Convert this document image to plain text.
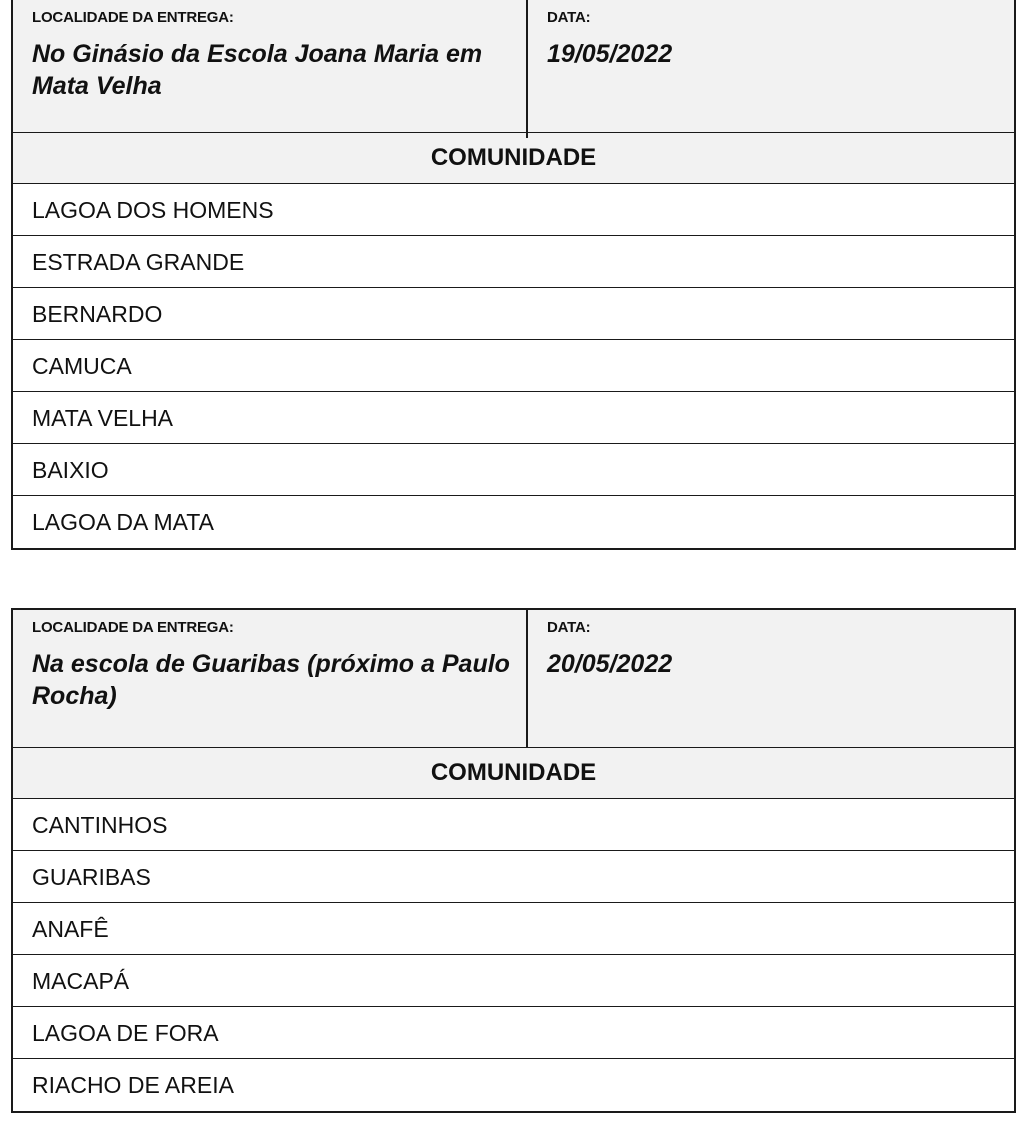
LOCALIDADE DA ENTREGA:
No Ginásio da Escola Joana Maria em Mata Velha
DATA:
19/05/2022
COMUNIDADE
LAGOA DOS HOMENS
ESTRADA GRANDE
BERNARDO
CAMUCA
MATA VELHA
BAIXIO
LAGOA DA MATA
LOCALIDADE DA ENTREGA:
Na escola de Guaribas (próximo a Paulo Rocha)
DATA:
20/05/2022
COMUNIDADE
CANTINHOS
GUARIBAS
ANAFÊ
MACAPÁ
LAGOA DE FORA
RIACHO DE AREIA
